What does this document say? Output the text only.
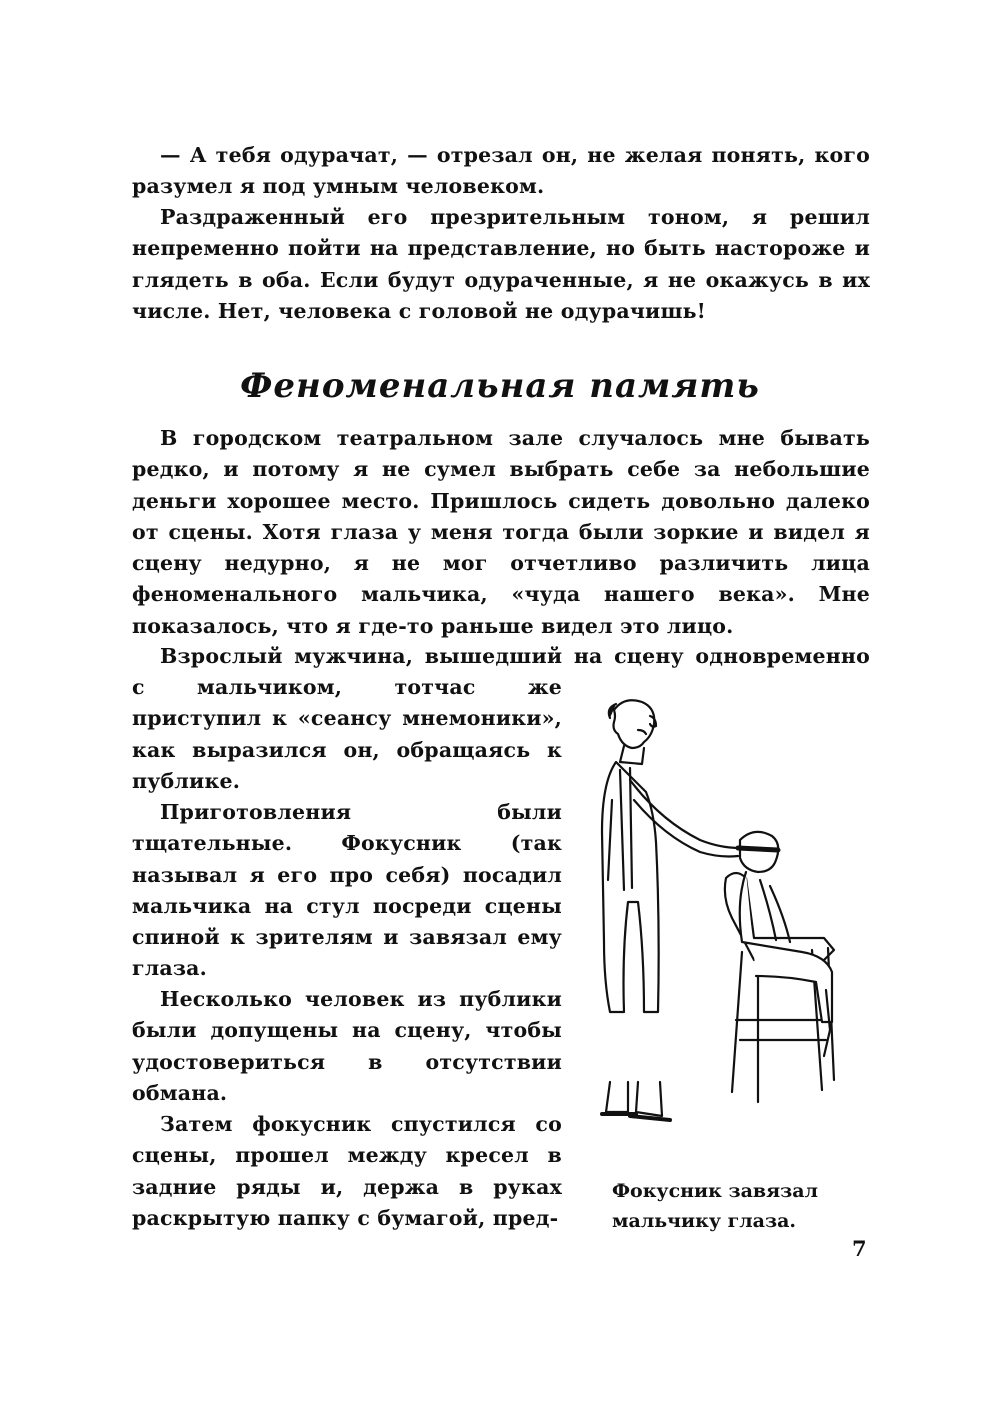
— А тебя одурачат, — отрезал он, не желая понять, кого разумел я под умным человеком.

Раздраженный его презрительным тоном, я решил непременно пойти на представление, но быть настороже и глядеть в оба. Если будут одураченные, я не окажусь в их числе. Нет, человека с головой не одурачишь!

Феноменальная память

В городском театральном зале случалось мне бывать редко, и потому я не сумел выбрать себе за небольшие деньги хорошее место. Пришлось сидеть довольно далеко от сцены. Хотя глаза у меня тогда были зоркие и видел я сцену недурно, я не мог отчетливо различить лица феноменального мальчика, «чуда нашего века». Мне показалось, что я где-то раньше видел это лицо.

Взрослый мужчина, вышедший на сцену одновременно

с мальчиком, тотчас же приступил к «сеансу мнемоники», как выразился он, обращаясь к публике.

Приготовления были тщательные. Фокусник (так называл я его про себя) посадил мальчика на стул посреди сцены спиной к зрителям и завязал ему глаза.

Несколько человек из публики были допущены на сцену, чтобы удостовериться в отсутствии обмана.

Затем фокусник спустился со сцены, прошел между кресел в задние ряды и, держа в руках раскрытую папку с бумагой, пред-

Фокусник завязал
мальчику глаза.

7
